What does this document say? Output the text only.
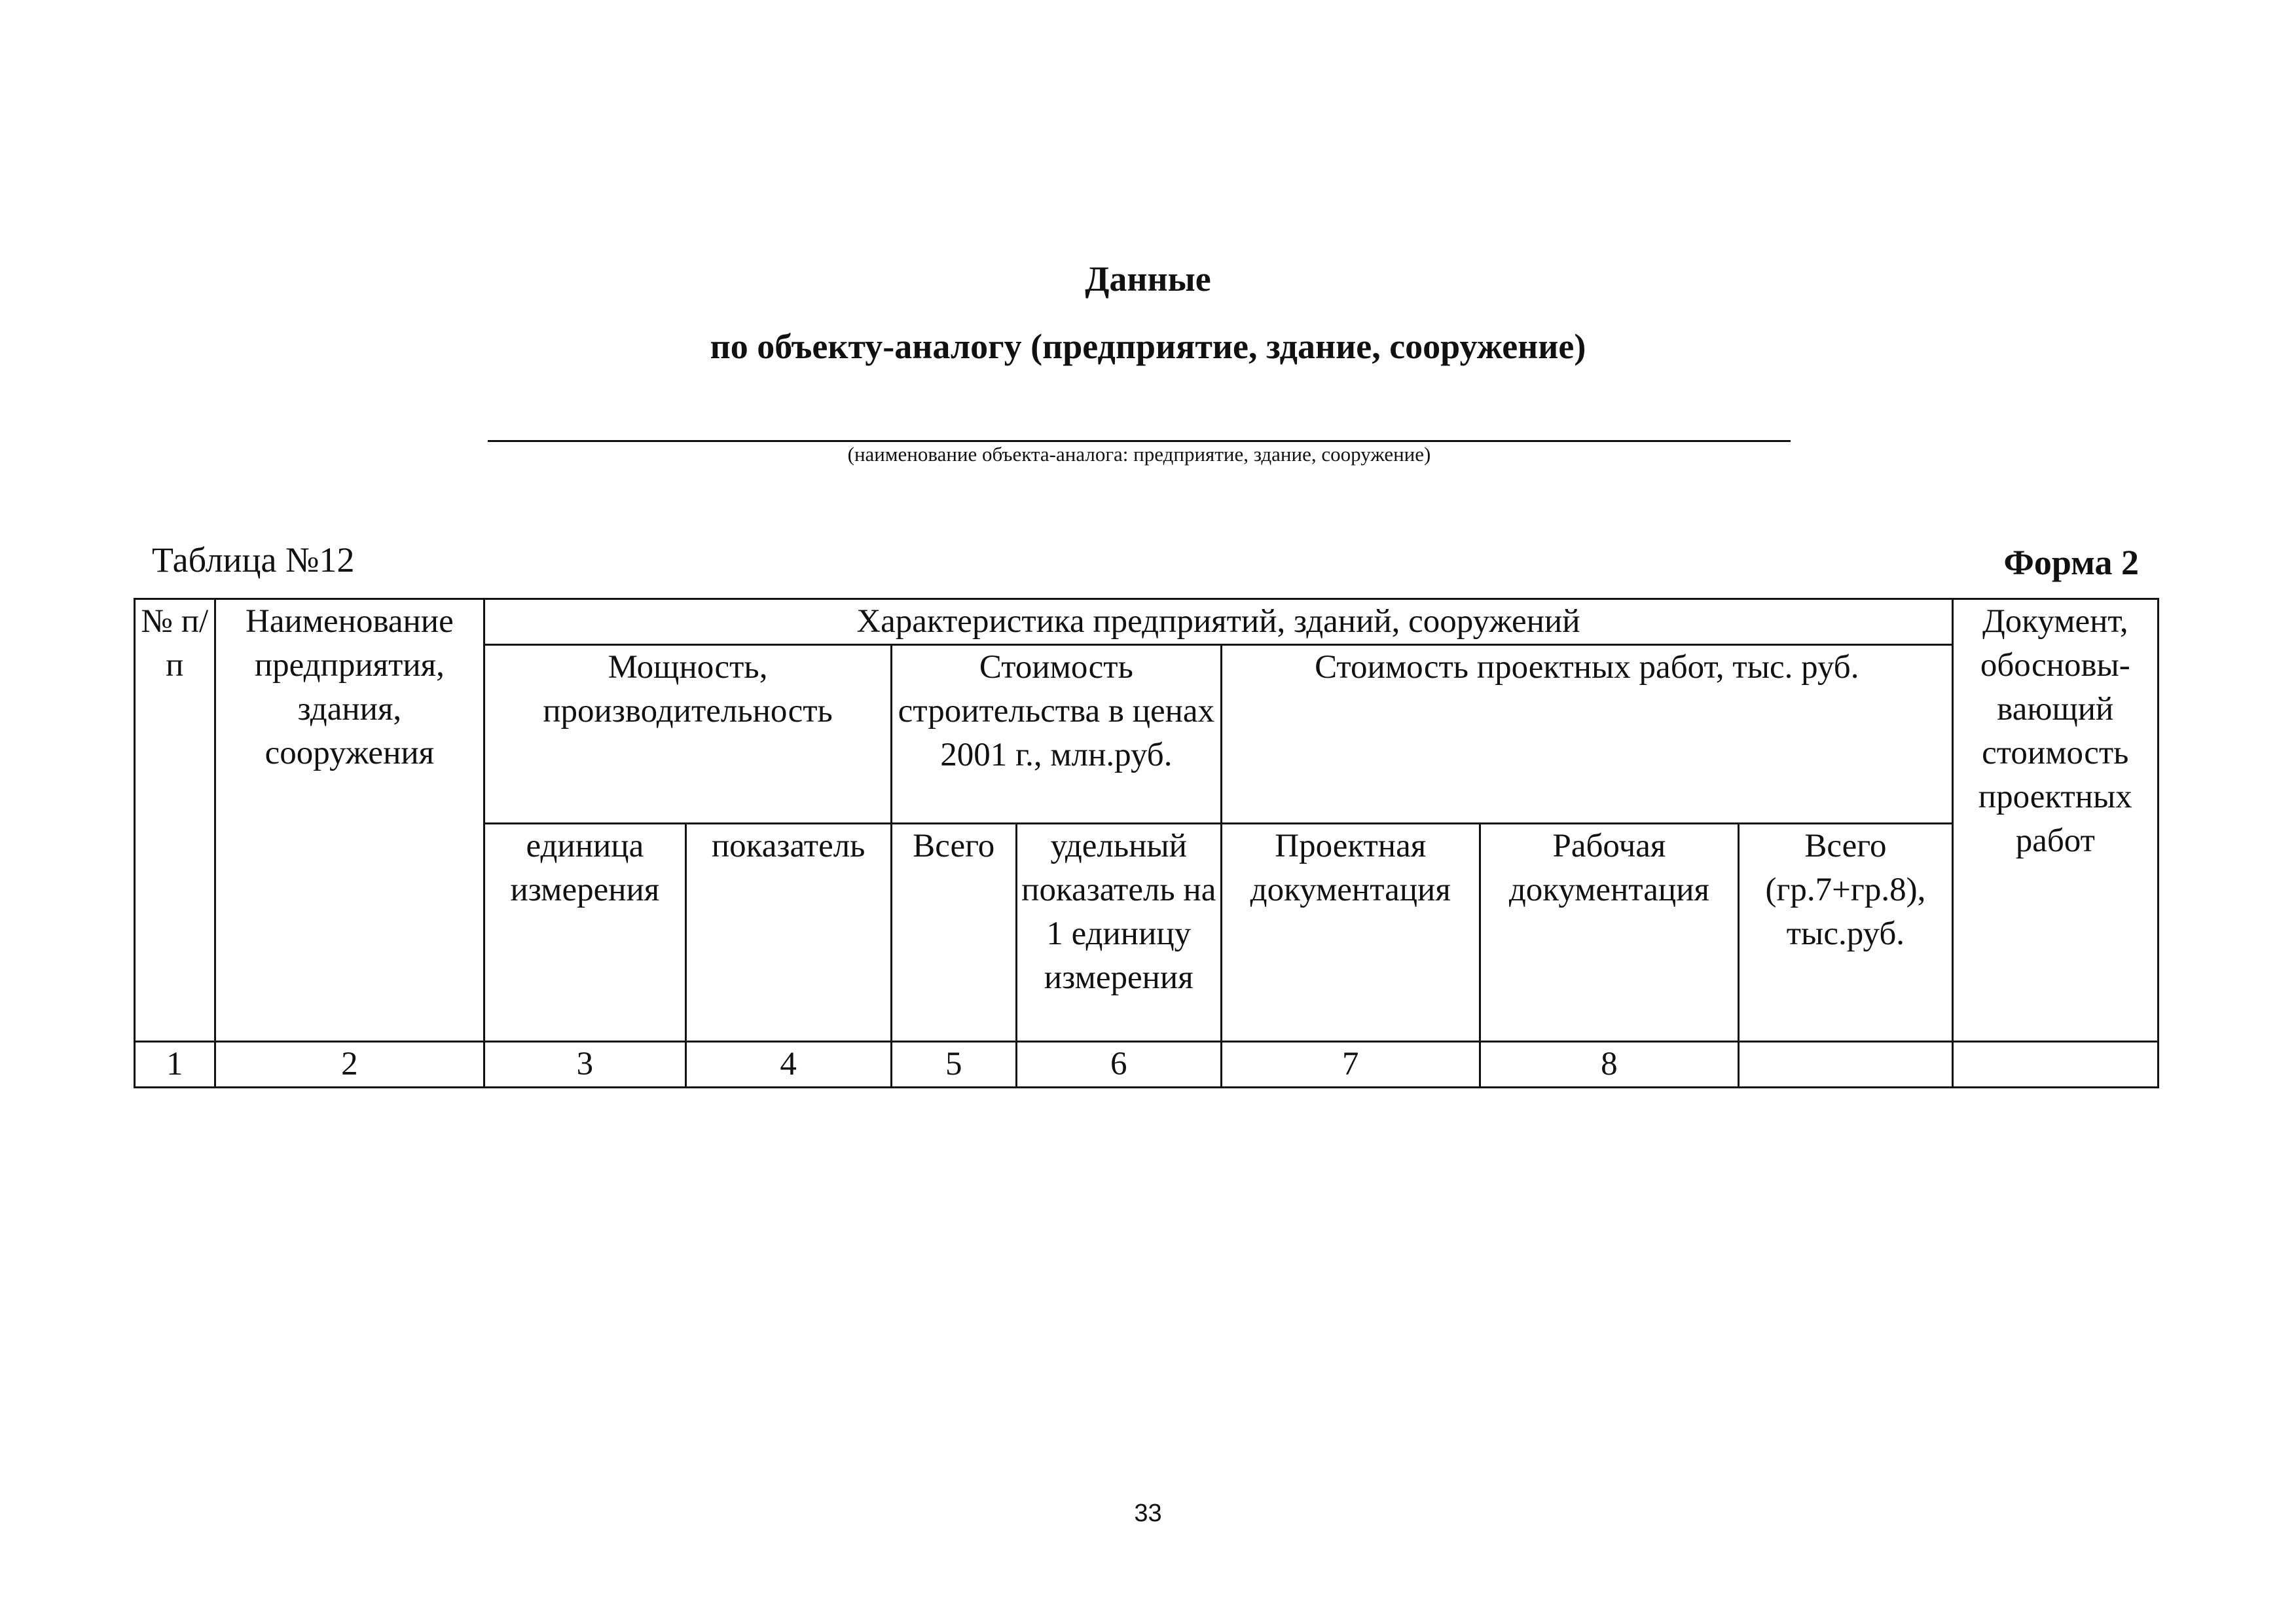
Данные
по объекту-аналогу (предприятие, здание, сооружение)
(наименование объекта-аналога: предприятие, здание, сооружение)
Таблица №12	Форма 2
№ п/п	Наименование предприятия, здания, сооружения	Характеристика предприятий, зданий, сооружений							Документ, обосновы-вающий стоимость проектных работ
		Мощность, производительность		Стоимость строительства в ценах 2001 г., млн.руб.		Стоимость проектных работ, тыс. руб.			
		единица измерения	показатель	Всего	удельный показатель на 1 единицу измерения	Проектная документация	Рабочая документация	Всего (гр.7+гр.8), тыс.руб.	
1	2	3	4	5	6	7	8		
33
